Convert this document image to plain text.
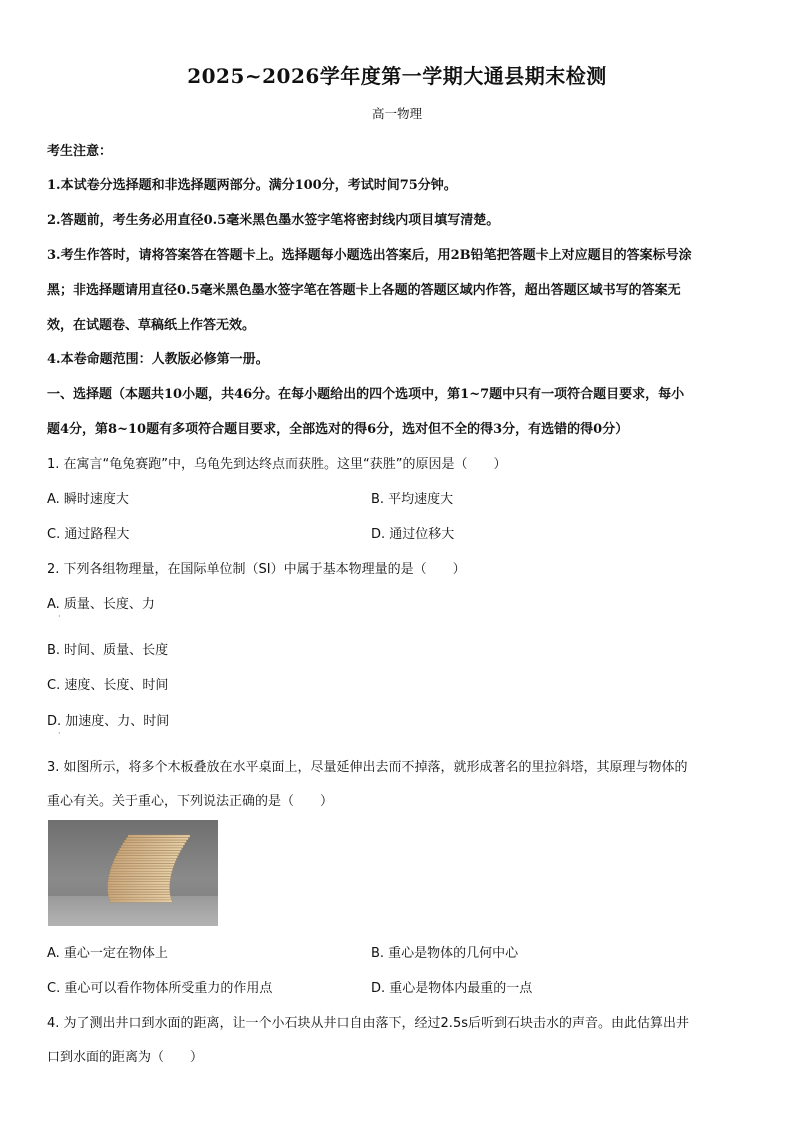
2025~2026学年度第一学期大通县期末检测
高一物理
考生注意：
1.本试卷分选择题和非选择题两部分。满分100分，考试时间75分钟。
2.答题前，考生务必用直径0.5毫米黑色墨水签字笔将密封线内项目填写清楚。
3.考生作答时，请将答案答在答题卡上。选择题每小题选出答案后，用2B铅笔把答题卡上对应题目的答案标号涂
黑；非选择题请用直径0.5毫米黑色墨水签字笔在答题卡上各题的答题区域内作答，超出答题区域书写的答案无
效，在试题卷、草稿纸上作答无效。
4.本卷命题范围：人教版必修第一册。
一、选择题（本题共10小题，共46分。在每小题给出的四个选项中，第1~7题中只有一项符合题目要求，每小
题4分，第8~10题有多项符合题目要求，全部选对的得6分，选对但不全的得3分，有选错的得0分）
1. 在寓言“龟兔赛跑”中，乌龟先到达终点而获胜。这里“获胜”的原因是（　　）
A. 瞬时速度大	B. 平均速度大
C. 通过路程大	D. 通过位移大
2. 下列各组物理量，在国际单位制（SI）中属于基本物理量的是（　　）
A. 质量、长度、力
·
B. 时间、质量、长度
C. 速度、长度、时间
D. 加速度、力、时间
·
3. 如图所示，将多个木板叠放在水平桌面上，尽量延伸出去而不掉落，就形成著名的里拉斜塔，其原理与物体的
重心有关。关于重心，下列说法正确的是（　　）
A. 重心一定在物体上	B. 重心是物体的几何中心
C. 重心可以看作物体所受重力的作用点	D. 重心是物体内最重的一点
4. 为了测出井口到水面的距离，让一个小石块从井口自由落下，经过2.5s后听到石块击水的声音。由此估算出井
口到水面的距离为（　　）
